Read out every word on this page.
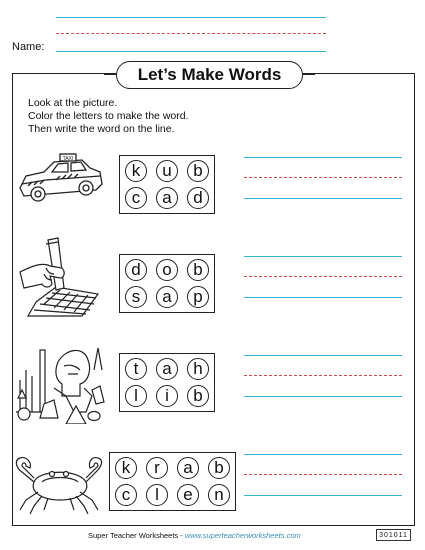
Name:
Let’s Make Words
Look at the picture.
Color the letters to make the word.
Then write the word on the line.
TAXI
k	u	b
c	a	d
d	o	b
s	a	p
t	a	h
l	i	b
k	r	a	b
c	l	e	n
Super Teacher Worksheets - www.superteacherworksheets.com	301011
